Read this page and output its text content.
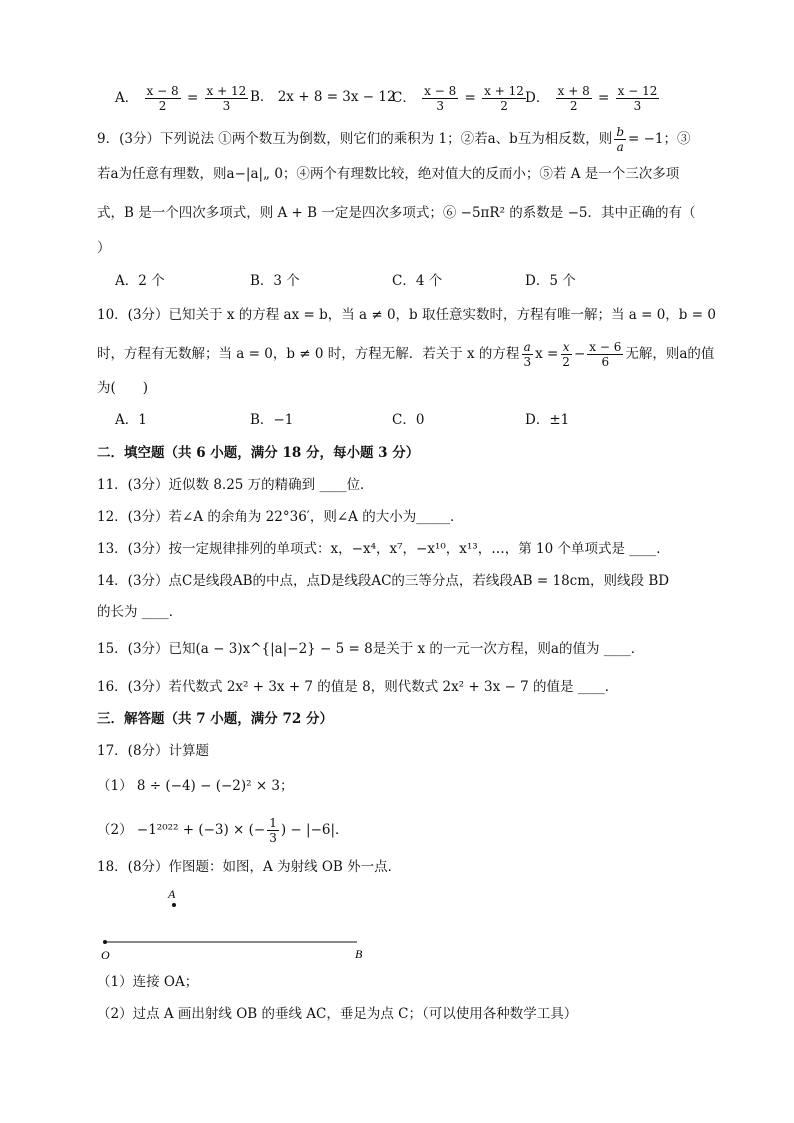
A． $\frac{x - 8}{2} = \frac{x + 12}{3}$ B． 2x + 8 = 3x − 12
C． $\frac{x - 8}{3} = \frac{x + 12}{2}$ D． $\frac{x + 8}{2} = \frac{x - 12}{3}$
9．(3分）下列说法 ①两个数互为倒数，则它们的乘积为 1；②若a、b互为相反数，则 $\frac{b}{a} = -1$；③
若a为任意有理数，则a−|a|„ 0；④两个有理数比较，绝对值大的反而小；⑤若 A 是一个三次多项
式，B 是一个四次多项式，则 A + B 一定是四次多项式；⑥ −5πR² 的系数是 −5．其中正确的有（
）
A．2 个	B．3 个	C．4 个	D．5 个
10．(3分）已知关于 x 的方程 ax = b，当 a ≠ 0，b 取任意实数时，方程有唯一解；当 a = 0，b = 0
时，方程有无数解；当 a = 0，b ≠ 0 时，方程无解．若关于 x 的方程 $\frac{a}{3}$ $x = \frac{x}{2} - \frac{x - 6}{6}$ 无解，则a的值
为(　　)
A．1	B．−1	C．0	D．±1
二．填空题（共 6 小题，满分 18 分，每小题 3 分）
11．(3分）近似数 8.25 万的精确到 ____位．
12．(3分）若∠A 的余角为 22°36′，则∠A 的大小为_____．
13．(3分）按一定规律排列的单项式：x，−x⁴，x⁷，−x¹⁰，x¹³，…，第 10 个单项式是 ____．
14．(3分）点C是线段AB的中点，点D是线段AC的三等分点，若线段AB = 18cm，则线段 BD
的长为 ____．
15．(3分）已知(a − 3)x^{|a|−2} − 5 = 8是关于 x 的一元一次方程，则a的值为 ____．
16．(3分）若代数式 2x² + 3x + 7 的值是 8，则代数式 2x² + 3x − 7 的值是 ____．
三．解答题（共 7 小题，满分 72 分）
17．(8分）计算题
（1） 8 ÷ (−4) − (−2)² × 3；
（2） −1²⁰²² + (−3) × (− $\frac{1}{3}$ ) − |−6|．
18．(8分）作图题：如图，A 为射线 OB 外一点．
A
O	B
（1）连接 OA；
（2）过点 A 画出射线 OB 的垂线 AC，垂足为点 C；（可以使用各种数学工具）
